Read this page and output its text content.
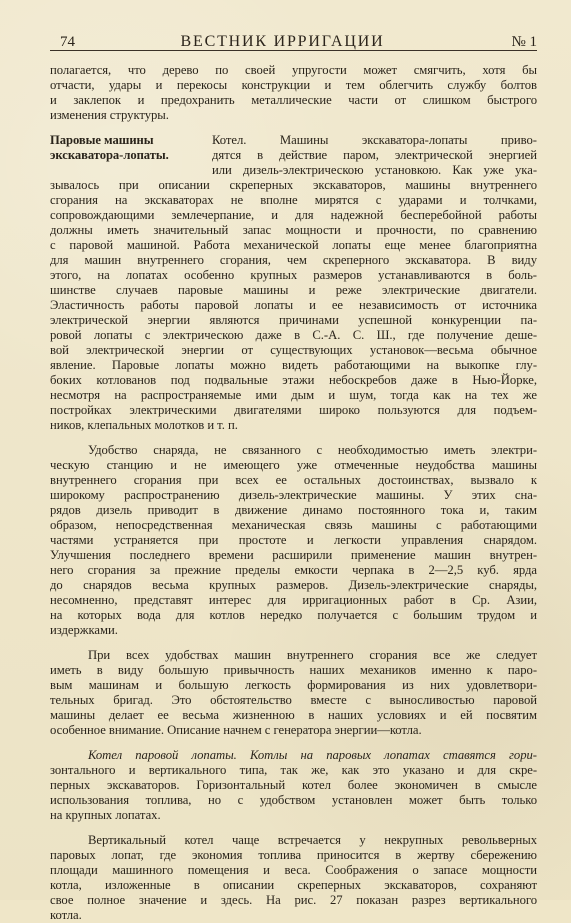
74	ВЕСТНИК ИРРИГАЦИИ	№ 1
полагается, что дерево по своей упругости может смягчить, хотя бы
отчасти, удары и перекосы конструкции и тем облегчить службу болтов
и заклепок и предохранить металлические части от слишком быстрого
изменения структуры.
Паровые машины
экскаватора-лопаты.
Котел. Машины экскаватора-лопаты приво-
дятся в действие паром, электрической энергией
или дизель-электрическою установкою. Как уже ука-
зывалось при описании скреперных экскаваторов, машины внутреннего
сгорания на экскаваторах не вполне мирятся с ударами и толчками,
сопровождающими землечерпание, и для надежной бесперебойной работы
должны иметь значительный запас мощности и прочности, по сравнению
с паровой машиной. Работа механической лопаты еще менее благоприятна
для машин внутреннего сгорания, чем скреперного экскаватора. В виду
этого, на лопатах особенно крупных размеров устанавливаются в боль-
шинстве случаев паровые машины и реже электрические двигатели.
Эластичность работы паровой лопаты и ее независимость от источника
электрической энергии являются причинами успешной конкуренции па-
ровой лопаты с электрическою даже в С.-А. С. Ш., где получение деше-
вой электрической энергии от существующих установок—весьма обычное
явление. Паровые лопаты можно видеть работающими на выкопке глу-
боких котлованов под подвальные этажи небоскребов даже в Нью-Йорке,
несмотря на распространяемые ими дым и шум, тогда как на тех же
постройках электрическими двигателями широко пользуются для подъем-
ников, клепальных молотков и т. п.
Удобство снаряда, не связанного с необходимостью иметь электри-
ческую станцию и не имеющего уже отмеченные неудобства машины
внутреннего сгорания при всех ее остальных достоинствах, вызвало к
широкому распространению дизель-электрические машины. У этих сна-
рядов дизель приводит в движение динамо постоянного тока и, таким
образом, непосредственная механическая связь машины с работающими
частями устраняется при простоте и легкости управления снарядом.
Улучшения последнего времени расширили применение машин внутрен-
него сгорания за прежние пределы емкости черпака в 2—2,5 куб. ярда
до снарядов весьма крупных размеров. Дизель-электрические снаряды,
несомненно, представят интерес для ирригационных работ в Ср. Азии,
на которых вода для котлов нередко получается с большим трудом и
издержками.
При всех удобствах машин внутреннего сгорания все же следует
иметь в виду большую привычность наших механиков именно к паро-
вым машинам и большую легкость формирования из них удовлетвори-
тельных бригад. Это обстоятельство вместе с выносливостью паровой
машины делает ее весьма жизненною в наших условиях и ей посвятим
особенное внимание. Описание начнем с генератора энергии—котла.
Котел паровой лопаты. Котлы на паровых лопатах ставятся гори-
зонтального и вертикального типа, так же, как это указано и для скре-
перных экскаваторов. Горизонтальный котел более экономичен в смысле
использования топлива, но с удобством установлен может быть только
на крупных лопатах.
Вертикальный котел чаще встречается у некрупных револьверных
паровых лопат, где экономия топлива приносится в жертву сбережению
площади машинного помещения и веса. Соображения о запасе мощности
котла, изложенные в описании скреперных экскаваторов, сохраняют
свое полное значение и здесь. На рис. 27 показан разрез вертикального
котла.
